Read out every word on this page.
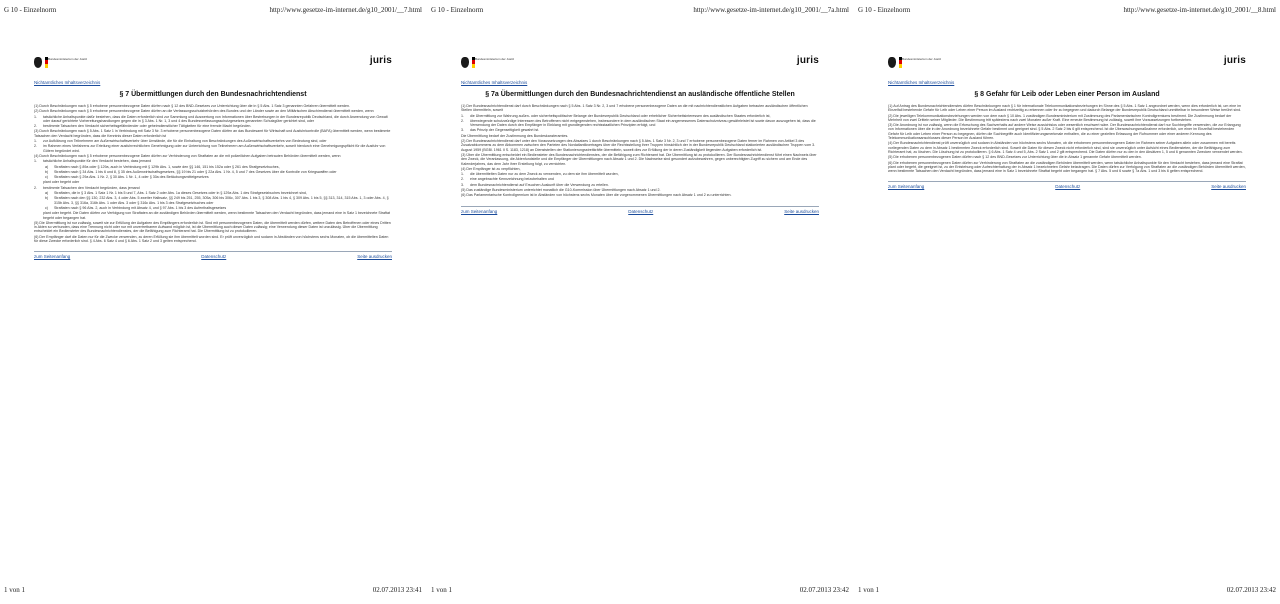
G 10 - Einzelnorm	http://www.gesetze-im-internet.de/g10_2001/__7.html
Bundesministerium der Justiz	juris
Nichtamtliches Inhaltsverzeichnis
§ 7 Übermittlungen durch den Bundesnachrichtendienst
(1) Durch Beschränkungen nach § 5 erhobene personenbezogene Daten dürfen nach § 12 des BND-Gesetzes zur Unterrichtung über die in § 5 Abs. 1 Satz 3 genannten Gefahren übermittelt werden.
(2) Durch Beschränkungen nach § 5 erhobene personenbezogene Daten dürfen an die Verfassungsschutzbehörden des Bundes und der Länder sowie an den Militärischen Abschirmdienst übermittelt werden, wenn
1. tatsächliche Anhaltspunkte dafür bestehen, dass die Daten erforderlich sind zur Sammlung und Auswertung von Informationen über Bestrebungen in der Bundesrepublik Deutschland, die durch Anwendung von Gewalt oder darauf gerichtete Vorbereitungshandlungen gegen die in § 3 Abs. 1 Nr. 1, 3 und 4 des Bundesverfassungsschutzgesetzes genannten Schutzgüter gerichtet sind, oder
2. bestimmte Tatsachen den Verdacht sicherheitsgefährdender oder geheimdienstlicher Tätigkeiten für eine fremde Macht begründen.
(3) Durch Beschränkungen nach § 5 Abs. 1 Satz 1 in Verbindung mit Satz 3 Nr. 3 erhobene personenbezogene Daten dürfen an das Bundesamt für Wirtschaft und Ausfuhrkontrolle (BAFA) übermittelt werden, wenn bestimmte Tatsachen den Verdacht begründen, dass die Kenntnis dieser Daten erforderlich ist
1. zur Aufklärung von Teilnehmern am Außenwirtschaftsverkehr über Umstände, die für die Einhaltung von Beschränkungen des Außenwirtschaftsverkehrs von Bedeutung sind, oder
2. im Rahmen eines Verfahrens zur Erteilung einer ausfuhrrechtlichen Genehmigung oder zur Unterrichtung von Teilnehmern am Außenwirtschaftsverkehr, soweit hierdurch eine Genehmigungspflicht für die Ausfuhr von Gütern begründet wird.
(4) Durch Beschränkungen nach § 5 erhobene personenbezogene Daten dürfen zur Verhinderung von Straftaten an die mit polizeilichen Aufgaben betrauten Behörden übermittelt werden, wenn
1. tatsächliche Anhaltspunkte für den Verdacht bestehen, dass jemand
a) Straftaten nach § 89a oder § 129a, auch in Verbindung mit § 129b Abs. 1, sowie den §§ 146, 151 bis 152a oder § 261 des Strafgesetzbuches,
b) Straftaten nach § 34 Abs. 1 bis 6 und 8, § 35 des Außenwirtschaftsgesetzes, §§ 19 bis 21 oder § 22a Abs. 1 Nr. 4, 5 und 7 des Gesetzes über die Kontrolle von Kriegswaffen oder
c) Straftaten nach § 29a Abs. 1 Nr. 2, § 30 Abs. 1 Nr. 1, 4 oder § 30a des Betäubungsmittelgesetzes
plant oder begeht oder
2. bestimmte Tatsachen den Verdacht begründen, dass jemand
a) Straftaten, die in § 3 Abs. 1 Satz 1 Nr. 1 bis 5 und 7, Abs. 1 Satz 2 oder Abs. 1a dieses Gesetzes oder in § 129a Abs. 1 des Strafgesetzbuches bezeichnet sind,
b) Straftaten nach den §§ 130, 232 Abs. 3, 4 oder Abs. 5 zweiter Halbsatz, §§ 249 bis 251, 255, 305a, 306 bis 306c, 307 Abs. 1 bis 3, § 308 Abs. 1 bis 4, § 309 Abs. 1 bis 5, §§ 313, 314, 315 Abs. 1, 3 oder Abs. 4, § 315b Abs. 3, §§ 316a, 316b Abs. 1 oder Abs. 3 oder § 316c Abs. 1 bis 3 des Strafgesetzbuches oder
c) Straftaten nach § 96 Abs. 2, auch in Verbindung mit Absatz 4, und § 97 Abs. 1 bis 3 des Aufenthaltsgesetzes
plant oder begeht. Die Daten dürfen zur Verfolgung von Straftaten an die zuständigen Behörden übermittelt werden, wenn bestimmte Tatsachen den Verdacht begründen, dass jemand eine in Satz 1 bezeichnete Straftat begeht oder begangen hat.
(5) Die Übermittlung ist nur zulässig, soweit sie zur Erfüllung der Aufgaben des Empfängers erforderlich ist. Sind mit personenbezogenen Daten, die übermittelt werden dürfen, weitere Daten des Betroffenen oder eines Dritten in Akten so verbunden, dass eine Trennung nicht oder nur mit unvertretbarem Aufwand möglich ist, ist die Übermittlung auch dieser Daten zulässig; eine Verwendung dieser Daten ist unzulässig. Über die Übermittlung entscheidet ein Bediensteter des Bundesnachrichtendienstes, der die Befähigung zum Richteramt hat. Die Übermittlung ist zu protokollieren.
(6) Der Empfänger darf die Daten nur für die Zwecke verwenden, zu deren Erfüllung sie ihm übermittelt worden sind. Er prüft unverzüglich und sodann in Abständen von höchstens sechs Monaten, ob die übermittelten Daten für diese Zwecke erforderlich sind. § 4 Abs. 6 Satz 4 und § 6 Abs. 1 Satz 2 und 3 gelten entsprechend.
zum Seitenanfang	Datenschutz	Seite ausdrucken
1 von 1	02.07.2013 23:41
G 10 - Einzelnorm	http://www.gesetze-im-internet.de/g10_2001/__7a.html
Bundesministerium der Justiz	juris
Nichtamtliches Inhaltsverzeichnis
§ 7a Übermittlungen durch den Bundesnachrichtendienst an ausländische öffentliche Stellen
(1) Der Bundesnachrichtendienst darf durch Beschränkungen nach § 5 Abs. 1 Satz 3 Nr. 2, 3 und 7 erhobene personenbezogene Daten an die mit nachrichtendienstlichen Aufgaben betrauten ausländischen öffentlichen Stellen übermitteln, soweit
1. die Übermittlung zur Wahrung außen- oder sicherheitspolitischer Belange der Bundesrepublik Deutschland oder erheblicher Sicherheitsinteressen des ausländischen Staates erforderlich ist,
2. überwiegende schutzwürdige Interessen des Betroffenen nicht entgegenstehen, insbesondere in dem ausländischen Staat ein angemessenes Datenschutzniveau gewährleistet ist sowie davon auszugehen ist, dass die Verwendung der Daten durch den Empfänger in Einklang mit grundlegenden rechtsstaatlichen Prinzipien erfolgt, und
3. das Prinzip der Gegenseitigkeit gewahrt ist.
Die Übermittlung bedarf der Zustimmung des Bundeskanzleramtes.
(2) Der Bundesnachrichtendienst darf unter den Voraussetzungen des Absatzes 1 durch Beschränkungen nach § 5 Abs. 1 Satz 3 Nr. 2, 3 und 7 erhobene personenbezogene Daten ferner im Rahmen von Artikel 3 des Zusatzabkommens zu dem Abkommen zwischen den Parteien des Nordatlantikvertrages über die Rechtsstellung ihrer Truppen hinsichtlich der in der Bundesrepublik Deutschland stationierten ausländischen Truppen vom 3. August 1959 (BGBl. 1961 II S. 1183, 1218) an Dienststellen der Stationierungsstreitkräfte übermitteln, soweit dies zur Erfüllung der in deren Zuständigkeit liegenden Aufgaben erforderlich ist.
(3) Über die Übermittlung entscheidet ein Bediensteter des Bundesnachrichtendienstes, der die Befähigung zum Richteramt hat. Die Übermittlung ist zu protokollieren. Der Bundesnachrichtendienst führt einen Nachweis über den Zweck, die Veranlassung, die Aktenfundstelle und die Empfänger der Übermittlungen nach Absatz 1 und 2. Die Nachweise sind gesondert aufzubewahren, gegen unberechtigten Zugriff zu sichern und am Ende des Kalenderjahres, das dem Jahr ihrer Erstellung folgt, zu vernichten.
(4) Der Empfänger ist zu verpflichten,
1. die übermittelten Daten nur zu dem Zweck zu verwenden, zu dem sie ihm übermittelt wurden,
2. eine angebrachte Kennzeichnung beizubehalten und
3. dem Bundesnachrichtendienst auf Ersuchen Auskunft über die Verwendung zu erteilen.
(5) Das zuständige Bundesministerium unterrichtet monatlich die G10-Kommission über Übermittlungen nach Absatz 1 und 2.
(6) Das Parlamentarische Kontrollgremium ist in Abständen von höchstens sechs Monaten über die vorgenommenen Übermittlungen nach Absatz 1 und 2 zu unterrichten.
zum Seitenanfang	Datenschutz	Seite ausdrucken
1 von 1	02.07.2013 23:42
G 10 - Einzelnorm	http://www.gesetze-im-internet.de/g10_2001/__8.html
Bundesministerium der Justiz	juris
Nichtamtliches Inhaltsverzeichnis
§ 8 Gefahr für Leib oder Leben einer Person im Ausland
(1) Auf Antrag des Bundesnachrichtendienstes dürfen Beschränkungen nach § 1 für internationale Telekommunikationsbeziehungen im Sinne des § 5 Abs. 1 Satz 1 angeordnet werden, wenn dies erforderlich ist, um eine im Einzelfall bestehende Gefahr für Leib oder Leben einer Person im Ausland rechtzeitig zu erkennen oder ihr zu begegnen und dadurch Belange der Bundesrepublik Deutschland unmittelbar in besonderer Weise berührt sind.
(2) Die jeweiligen Telekommunikationsbeziehungen werden von dem nach § 10 Abs. 1 zuständigen Bundesministerium mit Zustimmung des Parlamentarischen Kontrollgremiums bestimmt. Die Zustimmung bedarf der Mehrheit von zwei Dritteln seiner Mitglieder. Die Bestimmung tritt spätestens nach zwei Monaten außer Kraft. Eine erneute Bestimmung ist zulässig, soweit ihre Voraussetzungen fortbestehen.
(3) Die Anordnung ist nur zulässig, wenn die Erforschung des Sachverhalts auf andere Weise aussichtslos oder wesentlich erschwert wäre. Der Bundesnachrichtendienst darf nur Suchbegriffe verwenden, die zur Erlangung von Informationen über die in der Anordnung bezeichnete Gefahr bestimmt und geeignet sind. § 5 Abs. 2 Satz 2 bis 6 gilt entsprechend. Ist die Überwachungsmaßnahme erforderlich, um einer im Einzelfall bestehenden Gefahr für Leib oder Leben einer Person zu begegnen, dürfen die Suchbegriffe auch Identifizierungsmerkmale enthalten, die zu einer gezielten Erfassung der Rufnummer oder einer anderen Kennung des Telekommunikationsanschlusses dieser Person im Ausland führen.
(4) Der Bundesnachrichtendienst prüft unverzüglich und sodann in Abständen von höchstens sechs Monaten, ob die erhobenen personenbezogenen Daten im Rahmen seiner Aufgaben allein oder zusammen mit bereits vorliegenden Daten zu dem in Absatz 1 bestimmten Zweck erforderlich sind. Soweit die Daten für diesen Zweck nicht erforderlich sind, sind sie unverzüglich unter Aufsicht eines Bediensteten, der die Befähigung zum Richteramt hat, zu löschen. Die Löschung ist zu protokollieren. § 6 Abs. 1 Satz 4 und 5, Abs. 2 Satz 1 und 2 gilt entsprechend. Die Daten dürfen nur zu den in den Absätzen 1, 5 und 6 genannten Zwecken verwendet werden.
(5) Die erhobenen personenbezogenen Daten dürfen nach § 12 des BND-Gesetzes zur Unterrichtung über die in Absatz 1 genannte Gefahr übermittelt werden.
(6) Die erhobenen personenbezogenen Daten dürfen zur Verhinderung von Straftaten an die zuständigen Behörden übermittelt werden, wenn tatsächliche Anhaltspunkte für den Verdacht bestehen, dass jemand eine Straftat plant oder begeht, die geeignet ist, zu der Entstehung oder Aufrechterhaltung der in Absatz 1 bezeichneten Gefahr beizutragen. Die Daten dürfen zur Verfolgung von Straftaten an die zuständigen Behörden übermittelt werden, wenn bestimmte Tatsachen den Verdacht begründen, dass jemand eine in Satz 1 bezeichnete Straftat begeht oder begangen hat. § 7 Abs. 5 und 6 sowie § 7a Abs. 1 und 3 bis 6 gelten entsprechend.
zum Seitenanfang	Datenschutz	Seite ausdrucken
1 von 1	02.07.2013 23:42
